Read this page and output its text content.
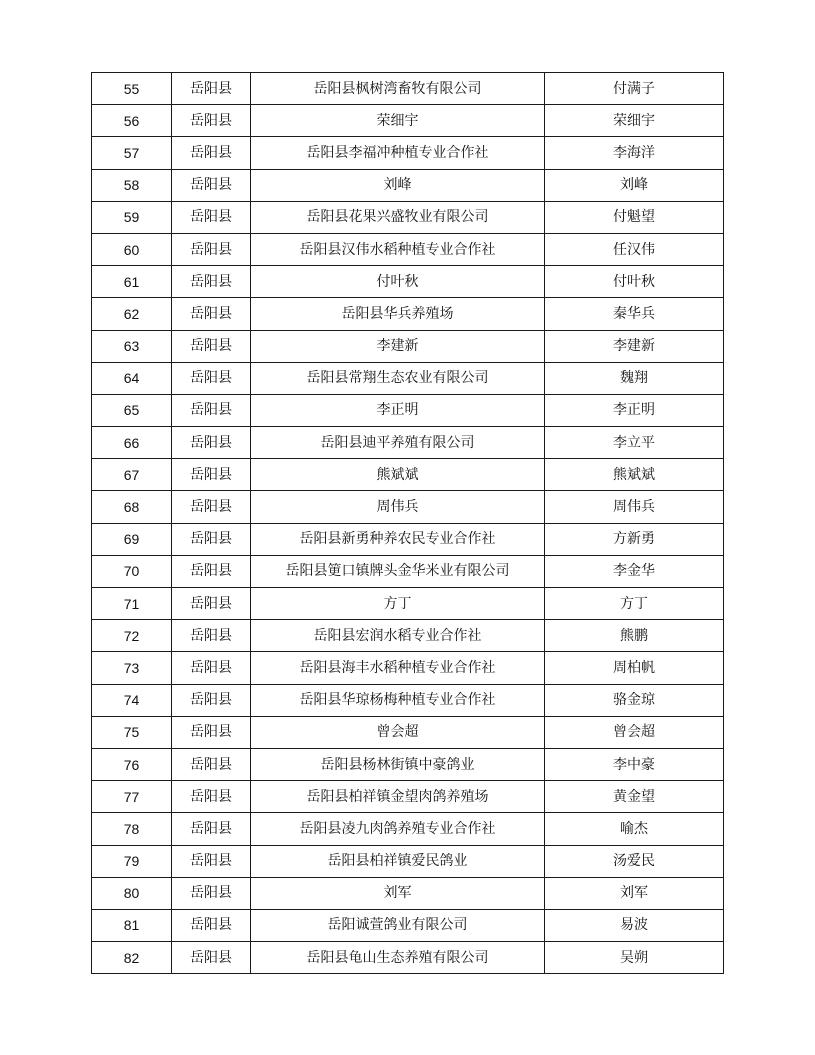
55	岳阳县	岳阳县枫树湾畜牧有限公司	付满子
56	岳阳县	荣细宇	荣细宇
57	岳阳县	岳阳县李福冲种植专业合作社	李海洋
58	岳阳县	刘峰	刘峰
59	岳阳县	岳阳县花果兴盛牧业有限公司	付魁望
60	岳阳县	岳阳县汉伟水稻种植专业合作社	任汉伟
61	岳阳县	付叶秋	付叶秋
62	岳阳县	岳阳县华兵养殖场	秦华兵
63	岳阳县	李建新	李建新
64	岳阳县	岳阳县常翔生态农业有限公司	魏翔
65	岳阳县	李正明	李正明
66	岳阳县	岳阳县迪平养殖有限公司	李立平
67	岳阳县	熊斌斌	熊斌斌
68	岳阳县	周伟兵	周伟兵
69	岳阳县	岳阳县新勇种养农民专业合作社	方新勇
70	岳阳县	岳阳县筻口镇牌头金华米业有限公司	李金华
71	岳阳县	方丁	方丁
72	岳阳县	岳阳县宏润水稻专业合作社	熊鹏
73	岳阳县	岳阳县海丰水稻种植专业合作社	周柏帆
74	岳阳县	岳阳县华琼杨梅种植专业合作社	骆金琼
75	岳阳县	曾会超	曾会超
76	岳阳县	岳阳县杨林街镇中豪鸽业	李中豪
77	岳阳县	岳阳县柏祥镇金望肉鸽养殖场	黄金望
78	岳阳县	岳阳县凌九肉鸽养殖专业合作社	喻杰
79	岳阳县	岳阳县柏祥镇爱民鸽业	汤爱民
80	岳阳县	刘军	刘军
81	岳阳县	岳阳诚萱鸽业有限公司	易波
82	岳阳县	岳阳县龟山生态养殖有限公司	吴朔
